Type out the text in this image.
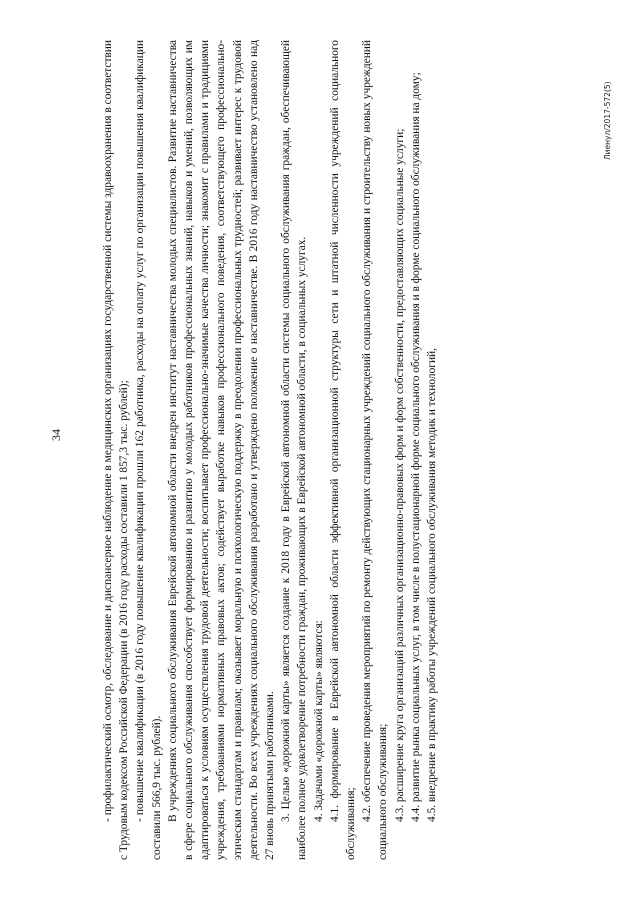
34	- профилактический осмотр, обследование и диспансерное наблюдение в медицинских организациях государственной системы здравоохранения в соответствии с Трудовым кодексом Российской Федерации (в 2016 году расходы составили 1 857,3 тыс. рублей); - повышение квалификации (в 2016 году повышение квалификации прошли 162 работника, расходы на оплату услуг по организации повышения квалификации составили 566,9 тыс. рублей). В учреждениях социального обслуживания Еврейской автономной области внедрен институт наставничества молодых специалистов. Развитие наставничества в сфере социального обслуживания способствует формированию и развитию у молодых работников профессиональных знаний, навыков и умений, позволяющих им адаптироваться к условиям осуществления трудовой деятельности; воспитывает профессионально-значимые качества личности; знакомит с правилами и традициями учреждения, требованиями нормативных правовых актов; содействует выработке навыков профессионального поведения, соответствующего профессионально-этическим стандартам и правилам; оказывает моральную и психологическую поддержку в преодолении профессиональных трудностей; развивает интерес к трудовой деятельности. Во всех учреждениях социального обслуживания разработано и утверждено положение о наставничестве. В 2016 году наставничество установлено над 27 вновь принятыми работниками. 3. Целью «дорожной карты» является создание к 2018 году в Еврейской автономной области системы социального обслуживания граждан, обеспечивающей наиболее полное удовлетворение потребности граждан, проживающих в Еврейской автономной области, в социальных услугах. 4. Задачами «дорожной карты» являются: 4.1. формирование в Еврейской автономной области эффективной организационной структуры сети и штатной численности учреждений социального обслуживания;

4.2. обеспечение проведения мероприятий по ремонту действующих стационарных учреждений социального обслуживания и строительству новых учреждений социального обслуживания; 4.3. расширение круга организаций различных организационно-правовых форм и форм собственности, предоставляющих социальные услуги; 4.4. развитие рынка социальных услуг, в том числе в полустационарной форме социального обслуживания и в форме социального обслуживания на дому; 4.5. внедрение в практику работы учреждений социального обслуживания методик и технологий,

Лиенул/2017-572(5)
